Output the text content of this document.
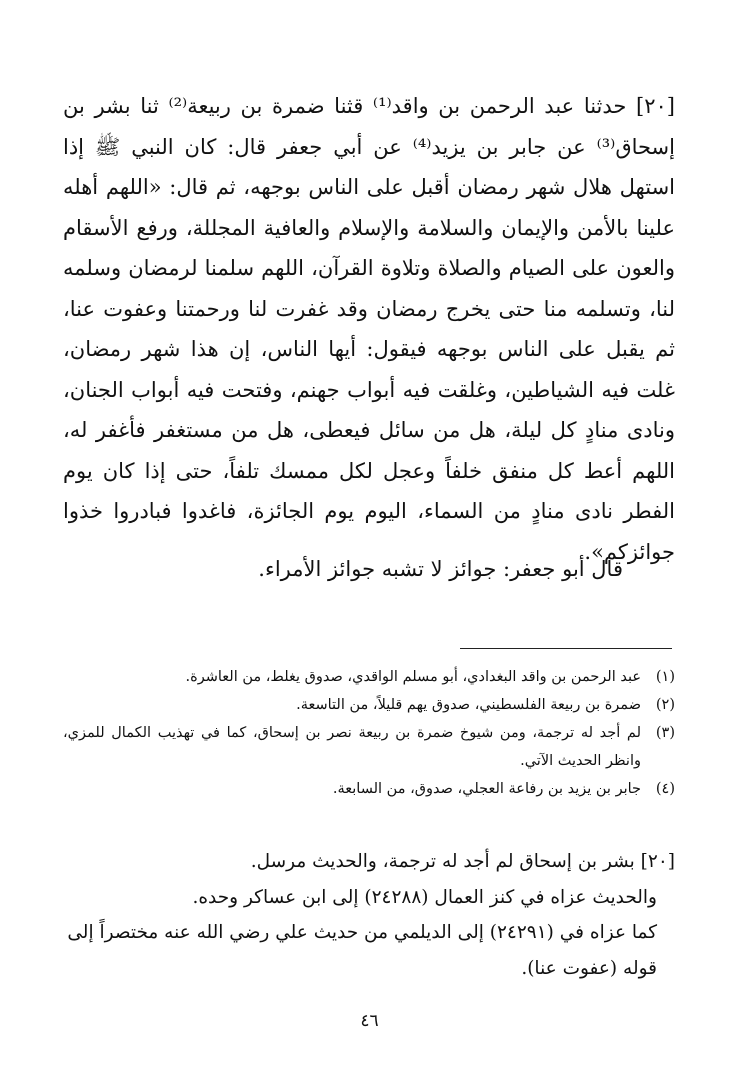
[٢٠] حدثنا عبد الرحمن بن واقد⁽¹⁾ قثنا ضمرة بن ربيعة⁽²⁾ ثنا بشر بن إسحاق⁽³⁾ عن جابر بن يزيد⁽⁴⁾ عن أبي جعفر قال: كان النبي ﷺ إذا استهل هلال شهر رمضان أقبل على الناس بوجهه، ثم قال: «اللهم أهله علينا بالأمن والإيمان والسلامة والإسلام والعافية المجللة، ورفع الأسقام والعون على الصيام والصلاة وتلاوة القرآن، اللهم سلمنا لرمضان وسلمه لنا، وتسلمه منا حتى يخرج رمضان وقد غفرت لنا ورحمتنا وعفوت عنا، ثم يقبل على الناس بوجهه فيقول: أيها الناس، إن هذا شهر رمضان، غلت فيه الشياطين، وغلقت فيه أبواب جهنم، وفتحت فيه أبواب الجنان، ونادى منادٍ كل ليلة، هل من سائل فيعطى، هل من مستغفر فأغفر له، اللهم أعط كل منفق خلفاً وعجل لكل ممسك تلفاً، حتى إذا كان يوم الفطر نادى منادٍ من السماء، اليوم يوم الجائزة، فاغدوا فبادروا خذوا جوائزكم».

قال أبو جعفر: جوائز لا تشبه جوائز الأمراء.

(١)
عبد الرحمن بن واقد البغدادي، أبو مسلم الواقدي، صدوق يغلط، من العاشرة.
(٢)
ضمرة بن ربيعة الفلسطيني، صدوق يهم قليلاً، من التاسعة.
(٣)
لم أجد له ترجمة، ومن شيوخ ضمرة بن ربيعة نصر بن إسحاق، كما في تهذيب الكمال للمزي، وانظر الحديث الآتي.
(٤)
جابر بن يزيد بن رفاعة العجلي، صدوق، من السابعة.

[٢٠] بشر بن إسحاق لم أجد له ترجمة، والحديث مرسل.

والحديث عزاه في كنز العمال (٢٤٢٨٨) إلى ابن عساكر وحده.

كما عزاه في (٢٤٢٩١) إلى الديلمي من حديث علي رضي الله عنه مختصراً إلى قوله (عفوت عنا).

٤٦
